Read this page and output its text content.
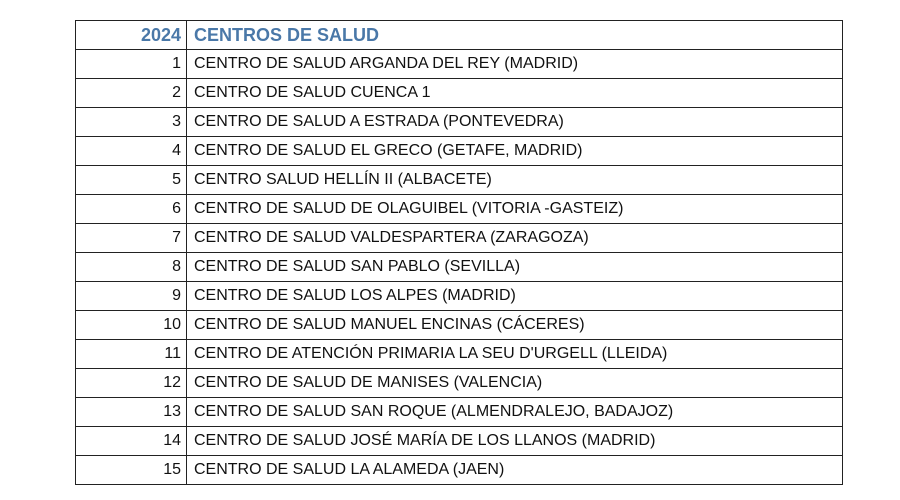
2024	CENTROS DE SALUD
1	CENTRO DE SALUD ARGANDA DEL REY (MADRID)
2	CENTRO DE SALUD CUENCA 1
3	CENTRO DE SALUD A ESTRADA (PONTEVEDRA)
4	CENTRO DE SALUD EL GRECO (GETAFE, MADRID)
5	CENTRO SALUD HELLÍN II (ALBACETE)
6	CENTRO DE SALUD DE OLAGUIBEL (VITORIA -GASTEIZ)
7	CENTRO DE SALUD VALDESPARTERA (ZARAGOZA)
8	CENTRO DE SALUD SAN PABLO (SEVILLA)
9	CENTRO DE SALUD LOS ALPES (MADRID)
10	CENTRO DE SALUD MANUEL ENCINAS (CÁCERES)
11	CENTRO DE ATENCIÓN PRIMARIA LA SEU D'URGELL (LLEIDA)
12	CENTRO DE SALUD DE MANISES (VALENCIA)
13	CENTRO DE SALUD SAN ROQUE (ALMENDRALEJO, BADAJOZ)
14	CENTRO DE SALUD JOSÉ MARÍA DE LOS LLANOS (MADRID)
15	CENTRO DE SALUD LA ALAMEDA (JAEN)
